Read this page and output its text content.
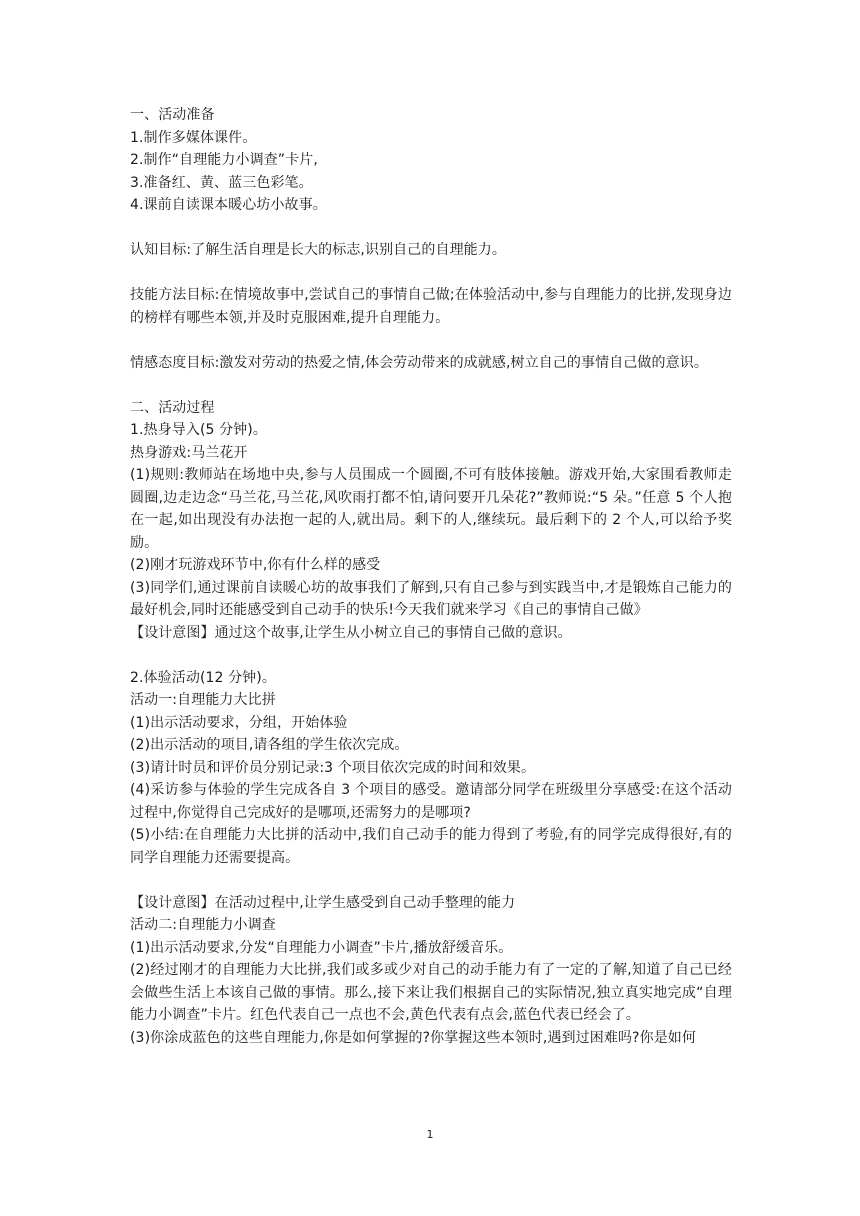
一、活动准备

1.制作多媒体课件。

2.制作“自理能力小调查”卡片,

3.准备红、黄、蓝三色彩笔。

4.课前自读课本暖心坊小故事。

认知目标:了解生活自理是长大的标志,识别自己的自理能力。

技能方法目标:在情境故事中,尝试自己的事情自己做;在体验活动中,参与自理能力的比拼,发现身边的榜样有哪些本领,并及时克服困难,提升自理能力。

情感态度目标:激发对劳动的热爱之情,体会劳动带来的成就感,树立自己的事情自己做的意识。

二、活动过程

1.热身导入(5 分钟)。

热身游戏:马兰花开

(1)规则:教师站在场地中央,参与人员围成一个圆圈,不可有肢体接触。游戏开始,大家围看教师走圆圈,边走边念“马兰花,马兰花,风吹雨打都不怕,请问要开几朵花?”教师说:“5 朵。”任意 5 个人抱在一起,如出现没有办法抱一起的人,就出局。剩下的人,继续玩。最后剩下的 2 个人,可以给予奖励。

(2)刚才玩游戏环节中,你有什么样的感受

(3)同学们,通过课前自读暖心坊的故事我们了解到,只有自己参与到实践当中,才是锻炼自己能力的最好机会,同时还能感受到自己动手的快乐!今天我们就来学习《自己的事情自己做》

【设计意图】通过这个故事,让学生从小树立自己的事情自己做的意识。

2.体验活动(12 分钟)。

活动一:自理能力大比拼

(1)出示活动要求，分组，开始体验

(2)出示活动的项目,请各组的学生依次完成。

(3)请计时员和评价员分别记录:3 个项目依次完成的时间和效果。

(4)采访参与体验的学生完成各自 3 个项目的感受。邀请部分同学在班级里分享感受:在这个活动过程中,你觉得自己完成好的是哪项,还需努力的是哪项?

(5)小结:在自理能力大比拼的活动中,我们自己动手的能力得到了考验,有的同学完成得很好,有的同学自理能力还需要提高。

【设计意图】在活动过程中,让学生感受到自己动手整理的能力

活动二:自理能力小调查

(1)出示活动要求,分发“自理能力小调查”卡片,播放舒缓音乐。

(2)经过刚才的自理能力大比拼,我们或多或少对自己的动手能力有了一定的了解,知道了自己已经会做些生活上本该自己做的事情。那么,接下来让我们根据自己的实际情况,独立真实地完成“自理能力小调查”卡片。红色代表自己一点也不会,黄色代表有点会,蓝色代表已经会了。

(3)你涂成蓝色的这些自理能力,你是如何掌握的?你掌握这些本领时,遇到过困难吗?你是如何

1
